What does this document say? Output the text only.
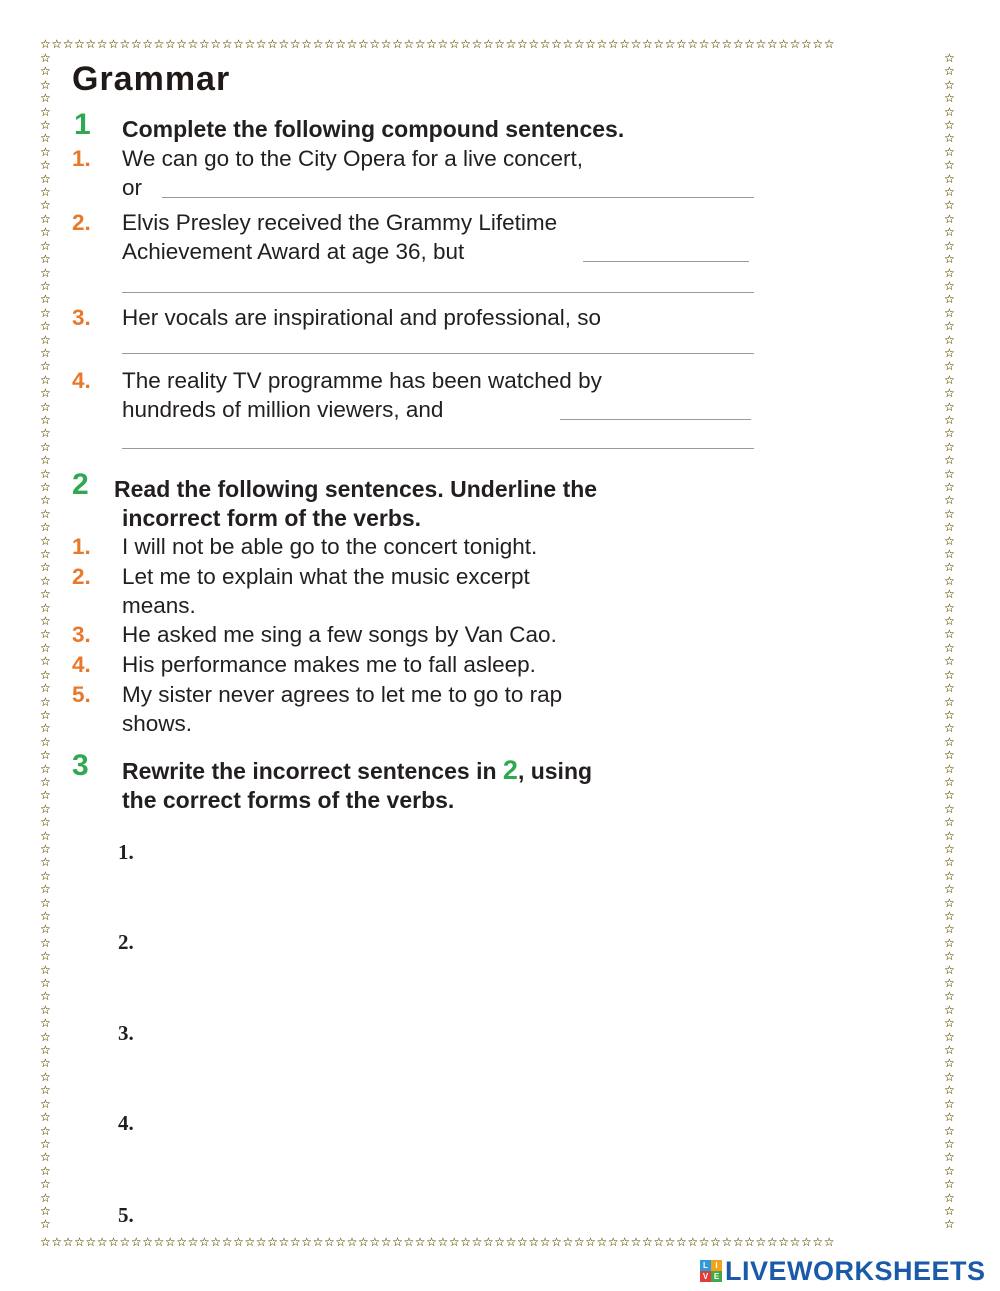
☆☆☆☆☆☆☆☆☆☆☆☆☆☆☆☆☆☆☆☆☆☆☆☆☆☆☆☆☆☆☆☆☆☆☆☆☆☆☆☆☆☆☆☆☆☆☆☆☆☆☆☆☆☆☆☆☆☆☆☆☆☆☆☆☆☆☆☆☆☆
☆☆☆☆☆☆☆☆☆☆☆☆☆☆☆☆☆☆☆☆☆☆☆☆☆☆☆☆☆☆☆☆☆☆☆☆☆☆☆☆☆☆☆☆☆☆☆☆☆☆☆☆☆☆☆☆☆☆☆☆☆☆☆☆☆☆☆☆☆☆
☆☆☆☆☆☆☆☆☆☆☆☆☆☆☆☆☆☆☆☆☆☆☆☆☆☆☆☆☆☆☆☆☆☆☆☆☆☆☆☆☆☆☆☆☆☆☆☆☆☆☆☆☆☆☆☆☆☆☆☆☆☆☆☆☆☆☆☆☆☆☆☆☆☆☆☆☆☆☆☆☆☆☆☆☆☆☆☆
☆☆☆☆☆☆☆☆☆☆☆☆☆☆☆☆☆☆☆☆☆☆☆☆☆☆☆☆☆☆☆☆☆☆☆☆☆☆☆☆☆☆☆☆☆☆☆☆☆☆☆☆☆☆☆☆☆☆☆☆☆☆☆☆☆☆☆☆☆☆☆☆☆☆☆☆☆☆☆☆☆☆☆☆☆☆☆☆
Grammar
1 Complete the following compound sentences.
1. We can go to the City Opera for a live concert,
or
2. Elvis Presley received the Grammy Lifetime
Achievement Award at age 36, but
3. Her vocals are inspirational and professional, so
4. The reality TV programme has been watched by
hundreds of million viewers, and
2 Read the following sentences. Underline the
incorrect form of the verbs.
1. I will not be able go to the concert tonight.
2. Let me to explain what the music excerpt
means.
3. He asked me sing a few songs by Van Cao.
4. His performance makes me to fall asleep.
5. My sister never agrees to let me to go to rap
shows.
3 Rewrite the incorrect sentences in 2, using
the correct forms of the verbs.
1.
2.
3.
4.
5.
L I
V E LIVEWORKSHEETS
